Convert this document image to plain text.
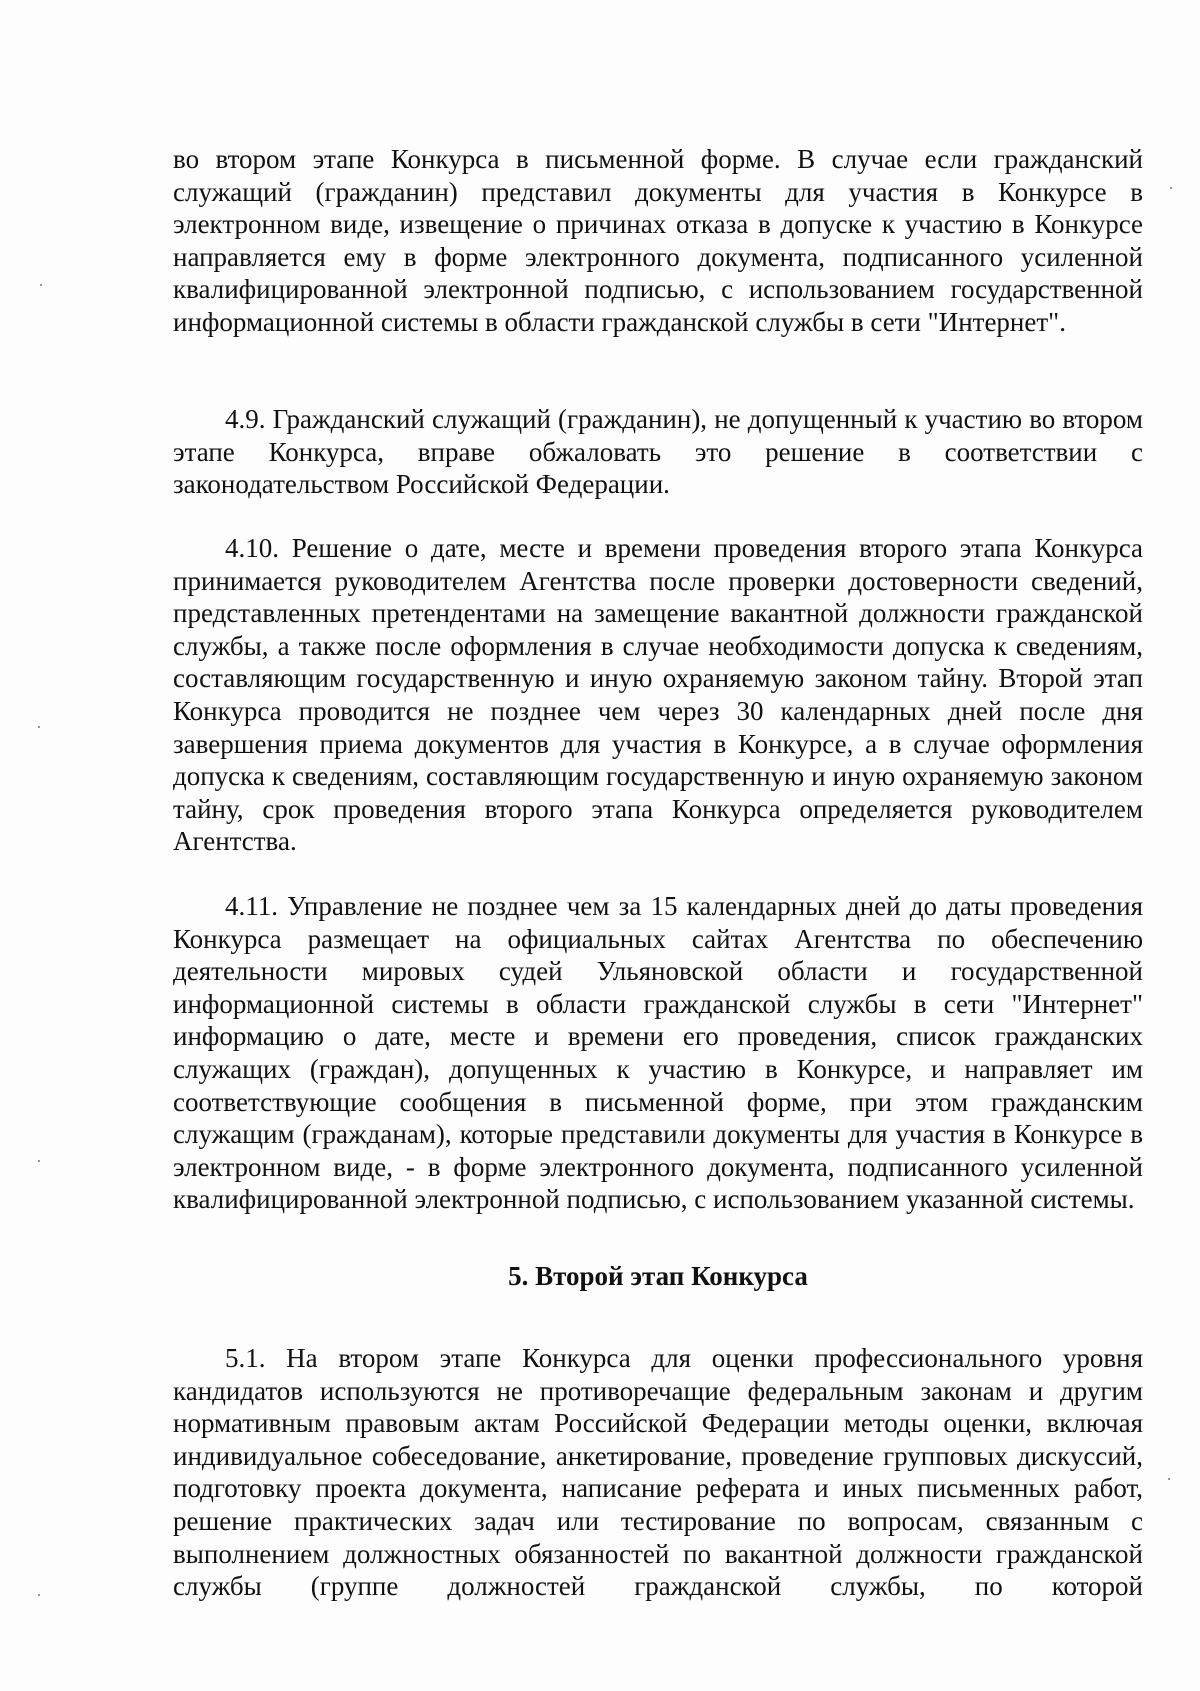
во втором этапе Конкурса в письменной форме. В случае если гражданский служащий (гражданин) представил документы для участия в Конкурсе в электронном виде, извещение о причинах отказа в допуске к участию в Конкурсе направляется ему в форме электронного документа, подписанного усиленной квалифицированной электронной подписью, с использованием государственной информационной системы в области гражданской службы в сети "Интернет".

4.9. Гражданский служащий (гражданин), не допущенный к участию во втором этапе Конкурса, вправе обжаловать это решение в соответствии с законодательством Российской Федерации.

4.10. Решение о дате, месте и времени проведения второго этапа Конкурса принимается руководителем Агентства после проверки достоверности сведений, представленных претендентами на замещение вакантной должности гражданской службы, а также после оформления в случае необходимости допуска к сведениям, составляющим государственную и иную охраняемую законом тайну. Второй этап Конкурса проводится не позднее чем через 30 календарных дней после дня завершения приема документов для участия в Конкурсе, а в случае оформления допуска к сведениям, составляющим государственную и иную охраняемую законом тайну, срок проведения второго этапа Конкурса определяется руководителем Агентства.

4.11. Управление не позднее чем за 15 календарных дней до даты проведения Конкурса размещает на официальных сайтах Агентства по обеспечению деятельности мировых судей Ульяновской области и государственной информационной системы в области гражданской службы в сети "Интернет" информацию о дате, месте и времени его проведения, список гражданских служащих (граждан), допущенных к участию в Конкурсе, и направляет им соответствующие сообщения в письменной форме, при этом гражданским служащим (гражданам), которые представили документы для участия в Конкурсе в электронном виде, - в форме электронного документа, подписанного усиленной квалифицированной электронной подписью, с использованием указанной системы.

5. Второй этап Конкурса

5.1. На втором этапе Конкурса для оценки профессионального уровня кандидатов используются не противоречащие федеральным законам и другим нормативным правовым актам Российской Федерации методы оценки, включая индивидуальное собеседование, анкетирование, проведение групповых дискуссий, подготовку проекта документа, написание реферата и иных письменных работ, решение практических задач или тестирование по вопросам, связанным с выполнением должностных обязанностей по вакантной должности гражданской службы (группе должностей гражданской службы, по которой
